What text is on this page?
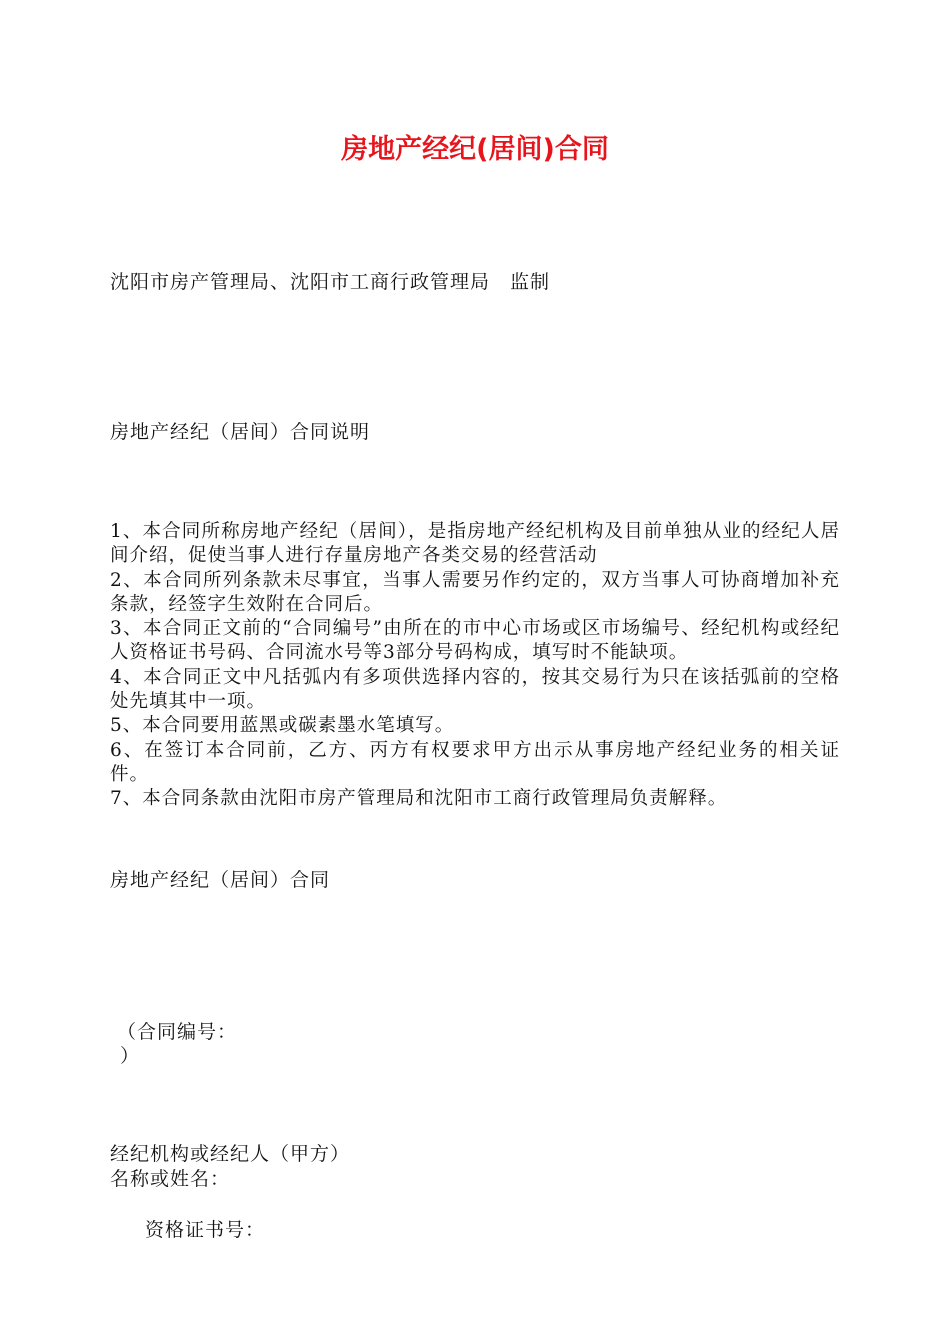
房地产经纪(居间)合同
沈阳市房产管理局、沈阳市工商行政管理局　监制
房地产经纪（居间）合同说明

1、本合同所称房地产经纪（居间），是指房地产经纪机构及目前单独从业的经纪人居间介绍，促使当事人进行存量房地产各类交易的经营活动

2、本合同所列条款未尽事宜，当事人需要另作约定的，双方当事人可协商增加补充条款，经签字生效附在合同后。

3、本合同正文前的“合同编号”由所在的市中心市场或区市场编号、经纪机构或经纪人资格证书号码、合同流水号等3部分号码构成，填写时不能缺项。

4、本合同正文中凡括弧内有多项供选择内容的，按其交易行为只在该括弧前的空格处先填其中一项。

5、本合同要用蓝黑或碳素墨水笔填写。

6、在签订本合同前，乙方、丙方有权要求甲方出示从事房地产经纪业务的相关证件。

7、本合同条款由沈阳市房产管理局和沈阳市工商行政管理局负责解释。

房地产经纪（居间）合同
（合同编号：
）
经纪机构或经纪人（甲方）
名称或姓名：
资格证书号：
